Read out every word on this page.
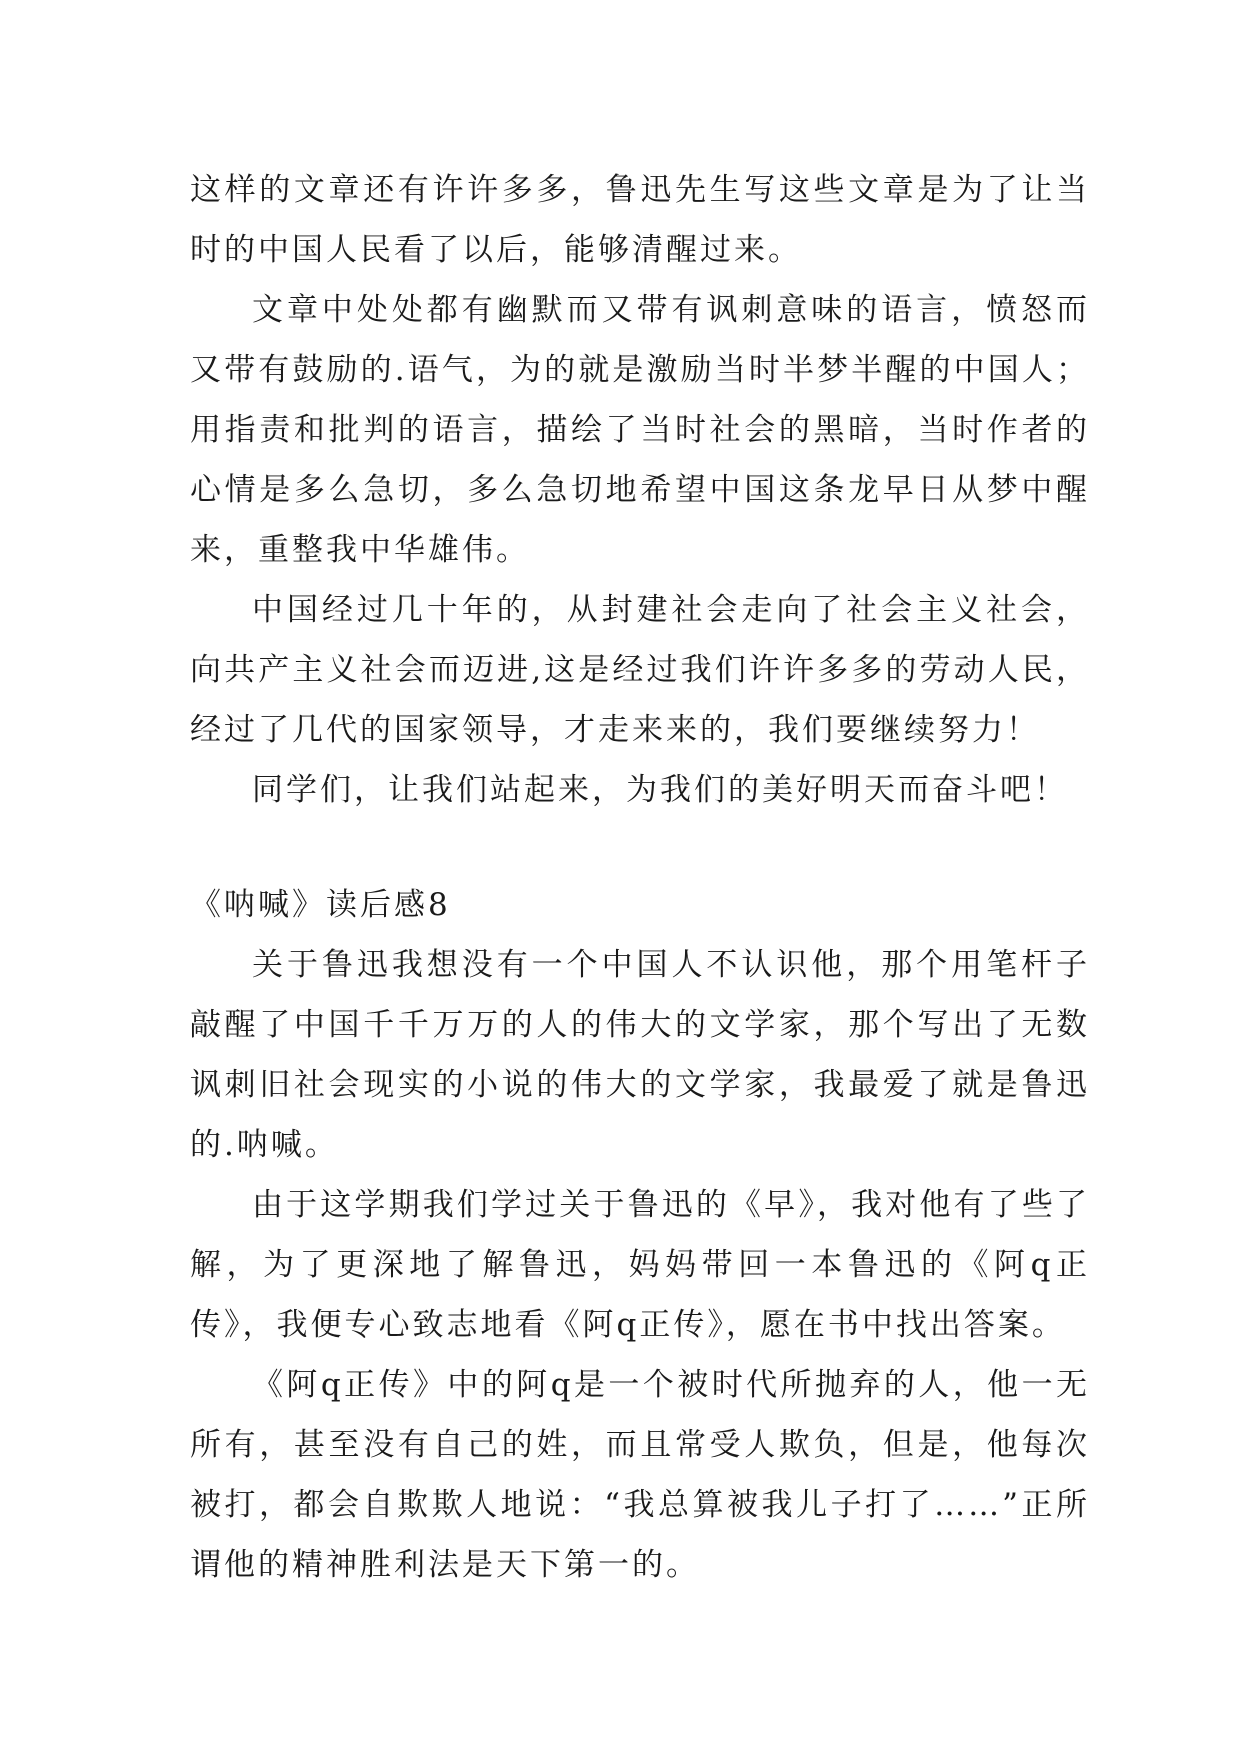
这样的文章还有许许多多，鲁迅先生写这些文章是为了让当时的中国人民看了以后，能够清醒过来。

文章中处处都有幽默而又带有讽刺意味的语言，愤怒而又带有鼓励的.语气，为的就是激励当时半梦半醒的中国人；用指责和批判的语言，描绘了当时社会的黑暗，当时作者的心情是多么急切，多么急切地希望中国这条龙早日从梦中醒来，重整我中华雄伟。

中国经过几十年的，从封建社会走向了社会主义社会，向共产主义社会而迈进,这是经过我们许许多多的劳动人民，经过了几代的国家领导，才走来来的，我们要继续努力！

同学们，让我们站起来，为我们的美好明天而奋斗吧！

《呐喊》读后感8

关于鲁迅我想没有一个中国人不认识他，那个用笔杆子敲醒了中国千千万万的人的伟大的文学家，那个写出了无数讽刺旧社会现实的小说的伟大的文学家，我最爱了就是鲁迅的.呐喊。

由于这学期我们学过关于鲁迅的《早》，我对他有了些了解，为了更深地了解鲁迅，妈妈带回一本鲁迅的《阿q正传》，我便专心致志地看《阿q正传》，愿在书中找出答案。

《阿q正传》中的阿q是一个被时代所抛弃的人，他一无所有，甚至没有自己的姓，而且常受人欺负，但是，他每次被打，都会自欺欺人地说：“我总算被我儿子打了……”正所谓他的精神胜利法是天下第一的。
